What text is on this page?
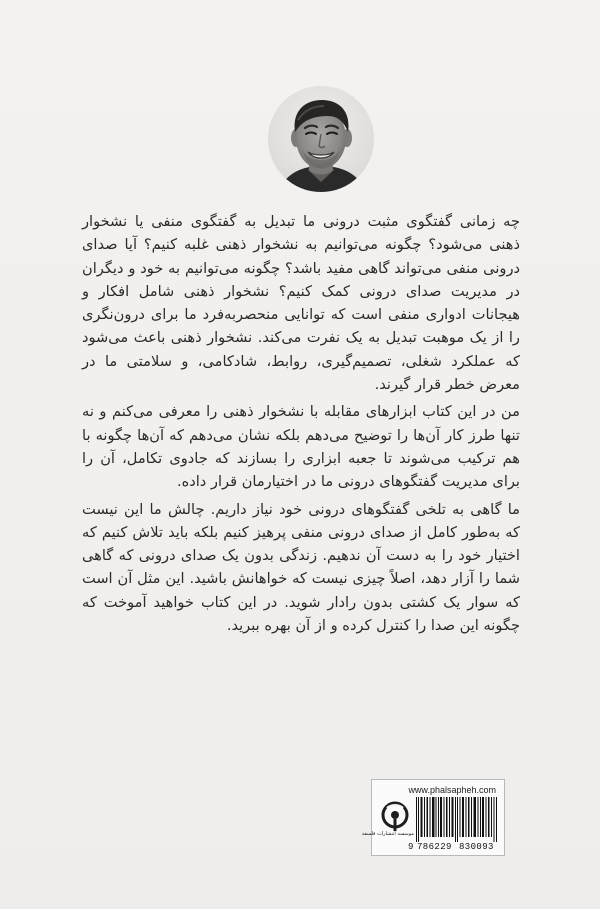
چه زمانی گفتگوی مثبت درونی ما تبدیل به گفتگوی منفی یا نشخوار ذهنی می‌شود؟ چگونه می‌توانیم به نشخوار ذهنی غلبه کنیم؟ آیا صدای درونی منفی می‌تواند گاهی مفید باشد؟ چگونه می‌توانیم به خود و دیگران در مدیریت صدای درونی کمک کنیم؟ نشخوار ذهنی شامل افکار و هیجانات ادواری منفی است که توانایی منحصربه‌فرد ما برای درون‌نگری را از یک موهبت تبدیل به یک نفرت می‌کند. نشخوار ذهنی باعث می‌شود که عملکرد شغلی، تصمیم‌گیری، روابط، شادکامی، و سلامتی ما در معرض خطر قرار گیرند.

من در این کتاب ابزارهای مقابله با نشخوار ذهنی را معرفی می‌کنم و نه تنها طرز کار آن‌ها را توضیح می‌دهم بلکه نشان می‌دهم که آن‌ها چگونه با هم ترکیب می‌شوند تا جعبه ابزاری را بسازند که جادوی تکامل، آن را برای مدیریت گفتگوهای درونی ما در اختیارمان قرار داده.

ما گاهی به تلخی گفتگوهای درونی خود نیاز داریم. چالش ما این نیست که به‌طور کامل از صدای درونی منفی پرهیز کنیم بلکه باید تلاش کنیم که اختیار خود را به دست آن ندهیم. زندگی بدون یک صدای درونی که گاهی شما را آزار دهد، اصلاً چیزی نیست که خواهانش باشید. این مثل آن است که سوار یک کشتی بدون رادار شوید. در این کتاب خواهید آموخت که چگونه این صدا را کنترل کرده و از آن بهره ببرید.

www.phalsapheh.com
موسسه انتشارات فلسفه
9 786229 830093
